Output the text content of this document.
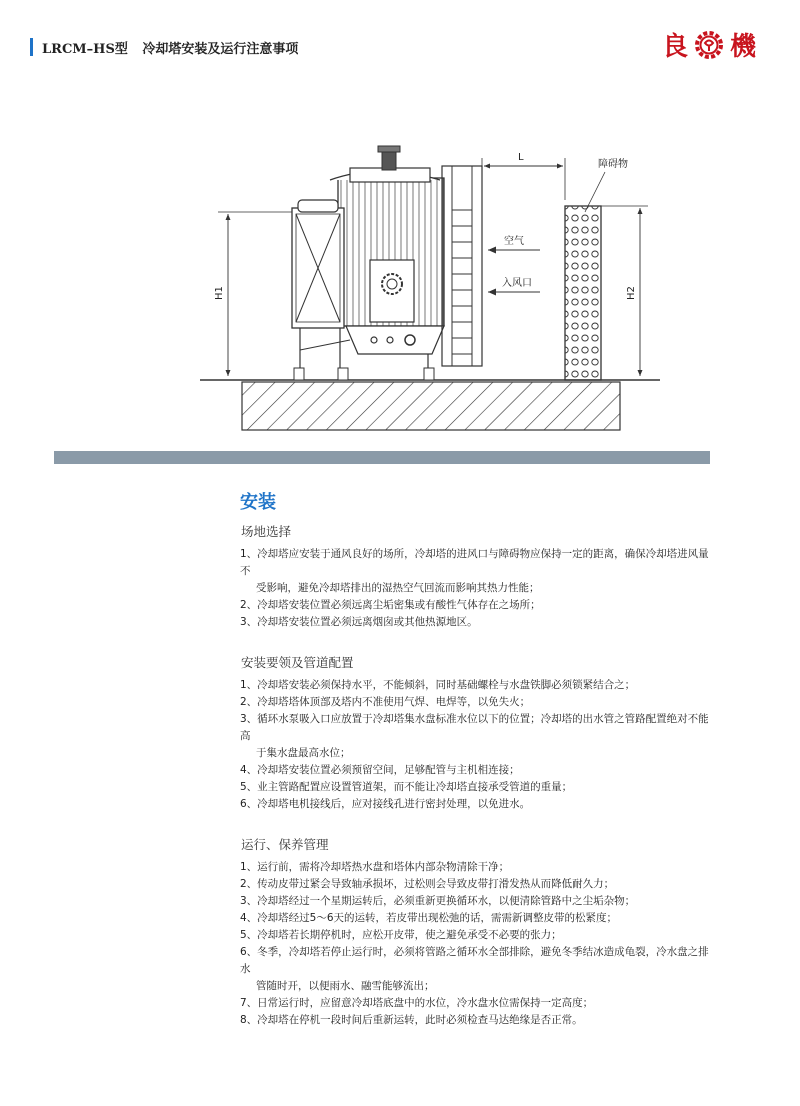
LRCM–HS型 冷却塔安装及运行注意事项	良 機
L
障碍物
空气
入风口
H1	H2
安装
场地选择
1、冷却塔应安装于通风良好的场所，冷却塔的进风口与障碍物应保持一定的距离，确保冷却塔进风量不
受影响，避免冷却塔排出的湿热空气回流而影响其热力性能；
2、冷却塔安装位置必须远离尘垢密集或有酸性气体存在之场所；
3、冷却塔安装位置必须远离烟囱或其他热源地区。
安装要领及管道配置
1、冷却塔安装必须保持水平，不能倾斜，同时基础螺栓与水盘铁脚必须锁紧结合之；
2、冷却塔塔体顶部及塔内不准使用气焊、电焊等，以免失火；
3、循环水泵吸入口应放置于冷却塔集水盘标准水位以下的位置；冷却塔的出水管之管路配置绝对不能高
于集水盘最高水位；
4、冷却塔安装位置必须预留空间，足够配管与主机相连接；
5、业主管路配置应设置管道架，而不能让冷却塔直接承受管道的重量；
6、冷却塔电机接线后，应对接线孔进行密封处理，以免进水。
运行、保养管理
1、运行前，需将冷却塔热水盘和塔体内部杂物清除干净；
2、传动皮带过紧会导致轴承损坏，过松则会导致皮带打滑发热从而降低耐久力；
3、冷却塔经过一个星期运转后，必须重新更换循环水，以便清除管路中之尘垢杂物；
4、冷却塔经过5～6天的运转，若皮带出现松弛的话，需需新调整皮带的松紧度；
5、冷却塔若长期停机时，应松开皮带，使之避免承受不必要的张力；
6、冬季，冷却塔若停止运行时，必须将管路之循环水全部排除，避免冬季结冰造成龟裂，冷水盘之排水
管随时开，以便雨水、融雪能够流出；
7、日常运行时，应留意冷却塔底盘中的水位，冷水盘水位需保持一定高度；
8、冷却塔在停机一段时间后重新运转，此时必须检查马达绝缘是否正常。
